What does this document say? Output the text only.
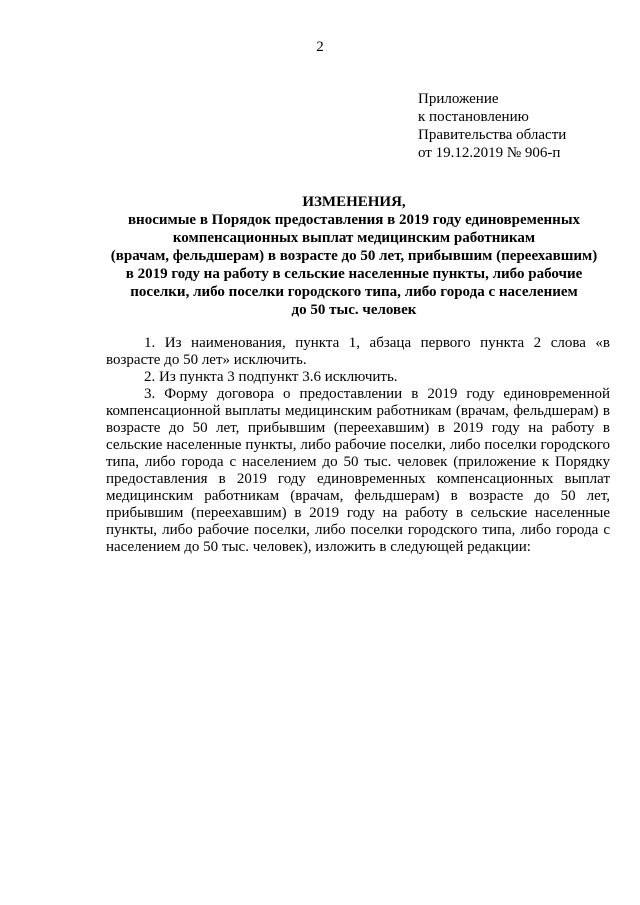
2
Приложение
к постановлению
Правительства области
от 19.12.2019 № 906-п
ИЗМЕНЕНИЯ,
вносимые в Порядок предоставления в 2019 году единовременных
компенсационных выплат медицинским работникам
(врачам, фельдшерам) в возрасте до 50 лет, прибывшим (переехавшим)
в 2019 году на работу в сельские населенные пункты, либо рабочие
поселки, либо поселки городского типа, либо города с населением
до 50 тыс. человек

1. Из наименования, пункта 1, абзаца первого пункта 2 слова «в возрасте до 50 лет» исключить.

2. Из пункта 3 подпункт 3.6 исключить.

3. Форму договора о предоставлении в 2019 году единовременной компенсационной выплаты медицинским работникам (врачам, фельдшерам) в возрасте до 50 лет, прибывшим (переехавшим) в 2019 году на работу в сельские населенные пункты, либо рабочие поселки, либо поселки городского типа, либо города с населением до 50 тыс. человек (приложение к Порядку предоставления в 2019 году единовременных компенсационных выплат медицинским работникам (врачам, фельдшерам) в возрасте до 50 лет, прибывшим (переехавшим) в 2019 году на работу в сельские населенные пункты, либо рабочие поселки, либо поселки городского типа, либо города с населением до 50 тыс. человек), изложить в следующей редакции:
